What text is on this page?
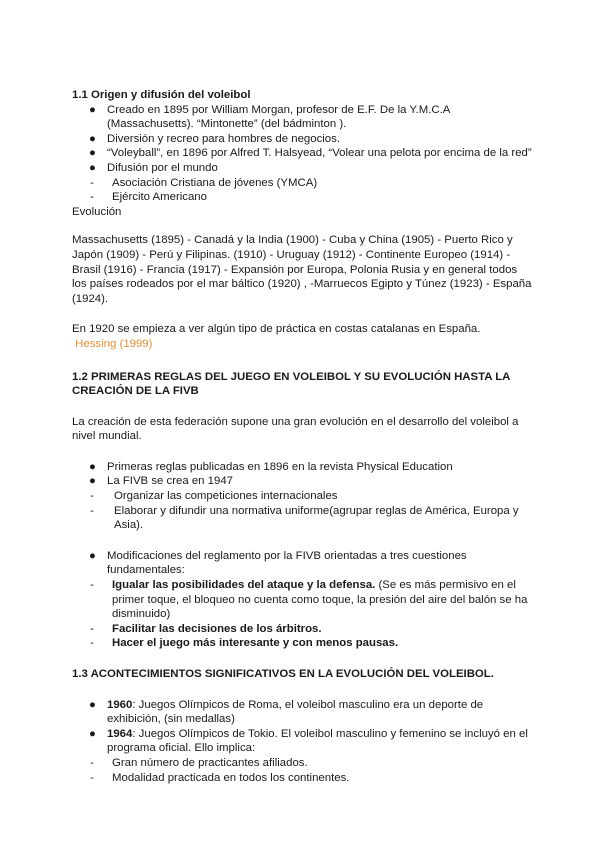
1.1 Origen y difusión del voleibol

● Creado en 1895 por William Morgan, profesor de E.F. De la Y.M.C.A (Massachusetts). “Mintonette” (del bádminton ).
● Diversión y recreo para hombres de negocios.
● “Voleyball”, en 1896 por Alfred T. Halsyead, “Volear una pelota por encima de la red”
● Difusión por el mundo
-	Asociación Cristiana de jóvenes (YMCA)
-	Ejército Americano

Evolución

Massachusetts (1895) - Canadá y la India (1900) - Cuba y China (1905) - Puerto Rico y Japón (1909) - Perú y Filipinas. (1910) - Uruguay (1912) - Continente Europeo (1914) - Brasil (1916) - Francia (1917) - Expansión por Europa, Polonia Rusia y en general todos los países rodeados por el mar báltico (1920) , -Marruecos Egipto y Túnez (1923) - España (1924).

En 1920 se empieza a ver algún tipo de práctica en costas catalanas en España.

Hessing (1999)

1.2 PRIMERAS REGLAS DEL JUEGO EN VOLEIBOL Y SU EVOLUCIÓN HASTA LA CREACIÓN DE LA FIVB

La creación de esta federación supone una gran evolución en el desarrollo del voleibol a nivel mundial.

● Primeras reglas publicadas en 1896 en la revista Physical Education
● La FIVB se crea en 1947
-	Organizar las competiciones internacionales
-	Elaborar y difundir una normativa uniforme(agrupar reglas de América, Europa y Asia).
● Modificaciones del reglamento por la FIVB orientadas a tres cuestiones fundamentales:
-	Igualar las posibilidades del ataque y la defensa. (Se es más permisivo en el primer toque, el bloqueo no cuenta como toque, la presión del aire del balón se ha disminuido)
-	Facilitar las decisiones de los árbitros.
-	Hacer el juego más interesante y con menos pausas.

1.3 ACONTECIMIENTOS SIGNIFICATIVOS EN LA EVOLUCIÓN DEL VOLEIBOL.

● 1960: Juegos Olímpicos de Roma, el voleibol masculino era un deporte de exhibición, (sin medallas)
● 1964: Juegos Olímpicos de Tokio. El voleibol masculino y femenino se incluyó en el programa oficial. Ello implica:
-	Gran número de practicantes afiliados.
-	Modalidad practicada en todos los continentes.
